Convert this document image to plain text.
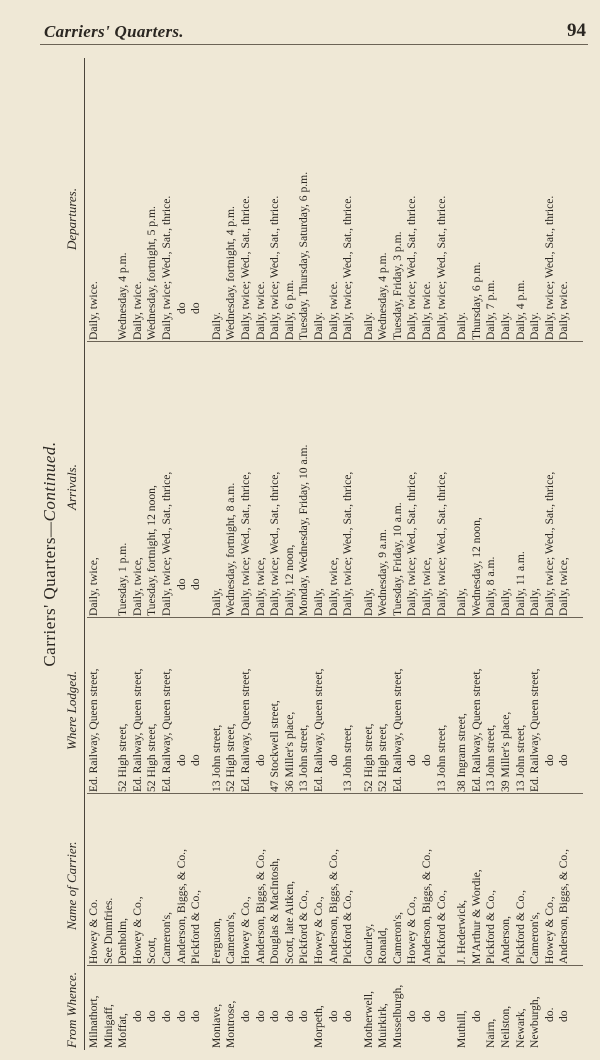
Carriers' Quarters.	94
Carriers' Quarters—Continued.
From Whence.
Name of Carrier.
Where Lodged.
Arrivals.
Departures.
Milnathort,
Howey & Co.
Ed. Railway, Queen street,
Daily, twice,
Daily, twice.
Minigaff,
See Dumfries.
Moffat,
Denholm,
52 High street,
Tuesday, 1 p.m.
Wednesday, 4 p.m.
do
Howey & Co.,
Ed. Railway, Queen street,
Daily, twice,
Daily, twice.
do
Scott,
52 High street,
Tuesday, fortnight, 12 noon,
Wednesday, fortnight, 5 p.m.
do
Cameron's,
Ed. Railway, Queen street,
Daily, twice; Wed., Sat., thrice,
Daily, twice; Wed., Sat., thrice.
do
Anderson, Biggs, & Co.,
do
do
do
do
Pickford & Co.,
do
do
do
Moniave,
Ferguson,
13 John street,
Daily,
Daily.
Montrose,
Cameron's,
52 High street,
Wednesday, fortnight, 8 a.m.
Wednesday, fortnight, 4 p.m.
do
Howey & Co.,
Ed. Railway, Queen street,
Daily, twice; Wed., Sat., thrice,
Daily, twice; Wed., Sat., thrice.
do
Anderson, Biggs, & Co.,
do
Daily, twice,
Daily, twice.
do
Douglas & MacIntosh,
47 Stockwell street,
Daily, twice; Wed., Sat., thrice,
Daily, twice; Wed., Sat., thrice.
do
Scott, late Aitken,
36 Miller's place,
Daily, 12 noon,
Daily, 6 p.m.
do
Pickford & Co.,
13 John street,
Monday, Wednesday, Friday, 10 a.m.
Tuesday, Thursday, Saturday, 6 p.m.
Morpeth,
Howey & Co.,
Ed. Railway, Queen street,
Daily,
Daily.
do
Anderson, Biggs, & Co.,
do
Daily, twice,
Daily, twice.
do
Pickford & Co.,
13 John street,
Daily, twice; Wed., Sat., thrice,
Daily, twice; Wed., Sat., thrice.
Motherwell,
Gourley,
52 High street,
Daily,
Daily.
Muirkirk,
Ronald,
52 High street,
Wednesday, 9 a.m.
Wednesday, 4 p.m.
Musselburgh,
Cameron's,
Ed. Railway, Queen street,
Tuesday, Friday, 10 a.m.
Tuesday, Friday, 3 p.m.
do
Howey & Co.,
do
Daily, twice; Wed., Sat., thrice,
Daily, twice; Wed., Sat., thrice.
do
Anderson, Biggs, & Co.,
do
Daily, twice,
Daily, twice.
do
Pickford & Co.,
13 John street,
Daily, twice; Wed., Sat., thrice,
Daily, twice; Wed., Sat., thrice.
Muthill,
J. Hederwick,
38 Ingram street,
Daily,
Daily.
do
M'Arthur & Wordie,
Ed. Railway, Queen street,
Wednesday, 12 noon,
Thursday, 6 p.m.
Nairn,
Pickford & Co.,
13 John street,
Daily, 8 a.m.
Daily, 7 p.m.
Neilston,
Anderson,
39 Miller's place,
Daily,
Daily.
Newark,
Pickford & Co.,
13 John street,
Daily, 11 a.m.
Daily, 4 p.m.
Newburgh,
Cameron's,
Ed. Railway, Queen street,
Daily,
Daily.
do.
Howey & Co.,
do
Daily, twice; Wed., Sat., thrice,
Daily, twice; Wed., Sat., thrice.
do
Anderson, Biggs, & Co.,
do
Daily, twice,
Daily, twice.
